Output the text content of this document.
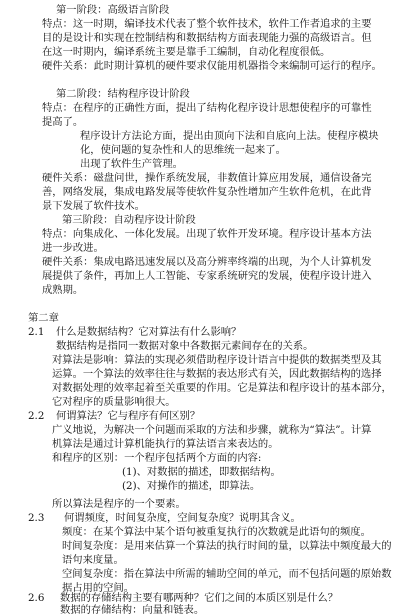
第一阶段：高级语言阶段
特点：这一时期，编译技术代表了整个软件技术，软件工作者追求的主要
目的是设计和实现在控制结构和数据结构方面表现能力强的高级语言。但
在这一时期内，编译系统主要是靠手工编制，自动化程度很低。
硬件关系：此时期计算机的硬件要求仅能用机器指令来编制可运行的程序。
第二阶段：结构程序设计阶段
特点：在程序的正确性方面，提出了结构化程序设计思想使程序的可靠性
提高了。
程序设计方法论方面，提出由顶向下法和自底向上法。使程序模块
化，使问题的复杂性和人的思维统一起来了。
出现了软件生产管理。
硬件关系：磁盘问世，操作系统发展，非数值计算应用发展，通信设备完
善，网络发展，集成电路发展等使软件复杂性增加产生软件危机，在此背
景下发展了软件技术。
第三阶段：自动程序设计阶段
特点：向集成化、一体化发展。出现了软件开发环境。程序设计基本方法
进一步改进。
硬件关系：集成电路迅速发展以及高分辨率终端的出现，为个人计算机发
展提供了条件，再加上人工智能、专家系统研究的发展，使程序设计进入
成熟期。
第二章
2.1 什么是数据结构？它对算法有什么影响？
数据结构是指同一数据对象中各数据元素间存在的关系。
对算法是影响：算法的实现必须借助程序设计语言中提供的数据类型及其
运算。一个算法的效率往往与数据的表达形式有关，因此数据结构的选择
对数据处理的效率起着至关重要的作用。它是算法和程序设计的基本部分，
它对程序的质量影响很大。
2.2 何谓算法？它与程序有何区别？
广义地说，为解决一个问题而采取的方法和步骤，就称为“算法”。计算
机算法是通过计算机能执行的算法语言来表达的。
和程序的区别：一个程序包括两个方面的内容:
(1)、对数据的描述，即数据结构。
(2)、对操作的描述，即算法。
所以算法是程序的一个要素。
2.3 何谓频度，时间复杂度，空间复杂度？说明其含义。
频度：在某个算法中某个语句被重复执行的次数就是此语句的频度。
时间复杂度：是用来估算一个算法的执行时间的量，以算法中频度最大的
语句来度量。
空间复杂度：指在算法中所需的辅助空间的单元，而不包括问题的原始数
据占用的空间。
2.6 数据的存储结构主要有哪两种？它们之间的本质区别是什么？
数据的存储结构：向量和链表。
